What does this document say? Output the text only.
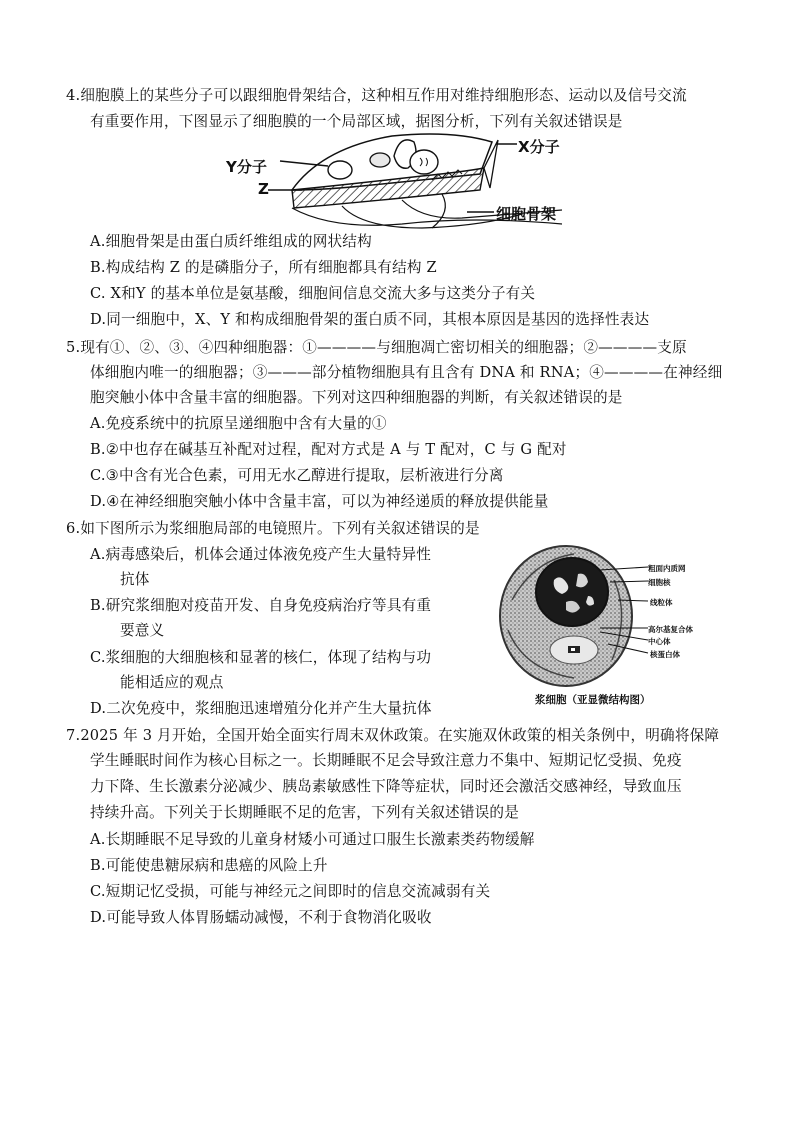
4.细胞膜上的某些分子可以跟细胞骨架结合，这种相互作用对维持细胞形态、运动以及信号交流
有重要作用，下图显示了细胞膜的一个局部区域，据图分析，下列有关叙述错误是
Y分子
X分子
Z
细胞骨架
A.细胞骨架是由蛋白质纤维组成的网状结构
B.构成结构 Z 的是磷脂分子，所有细胞都具有结构 Z
C. X和Y 的基本单位是氨基酸，细胞间信息交流大多与这类分子有关
D.同一细胞中，X、Y 和构成细胞骨架的蛋白质不同，其根本原因是基因的选择性表达
5.现有①、②、③、④四种细胞器：①————与细胞凋亡密切相关的细胞器；②————支原
体细胞内唯一的细胞器；③———部分植物细胞具有且含有 DNA 和 RNA；④————在神经细
胞突触小体中含量丰富的细胞器。下列对这四种细胞器的判断，有关叙述错误的是
A.免疫系统中的抗原呈递细胞中含有大量的①
B.②中也存在碱基互补配对过程，配对方式是 A 与 T 配对，C 与 G 配对
C.③中含有光合色素，可用无水乙醇进行提取，层析液进行分离
D.④在神经细胞突触小体中含量丰富，可以为神经递质的释放提供能量
6.如下图所示为浆细胞局部的电镜照片。下列有关叙述错误的是
A.病毒感染后，机体会通过体液免疫产生大量特异性
抗体
B.研究浆细胞对疫苗开发、自身免疫病治疗等具有重
要意义
C.浆细胞的大细胞核和显著的核仁，体现了结构与功
能相适应的观点
D.二次免疫中，浆细胞迅速增殖分化并产生大量抗体
粗面内质网
细胞核
线粒体
高尔基复合体
中心体
核蛋白体
浆细胞（亚显微结构图）
7.2025 年 3 月开始，全国开始全面实行周末双休政策。在实施双休政策的相关条例中，明确将保障
学生睡眠时间作为核心目标之一。长期睡眠不足会导致注意力不集中、短期记忆受损、免疫
力下降、生长激素分泌减少、胰岛素敏感性下降等症状，同时还会激活交感神经，导致血压
持续升高。下列关于长期睡眠不足的危害，下列有关叙述错误的是
A.长期睡眠不足导致的儿童身材矮小可通过口服生长激素类药物缓解
B.可能使患糖尿病和患癌的风险上升
C.短期记忆受损，可能与神经元之间即时的信息交流减弱有关
D.可能导致人体胃肠蠕动减慢，不利于食物消化吸收
